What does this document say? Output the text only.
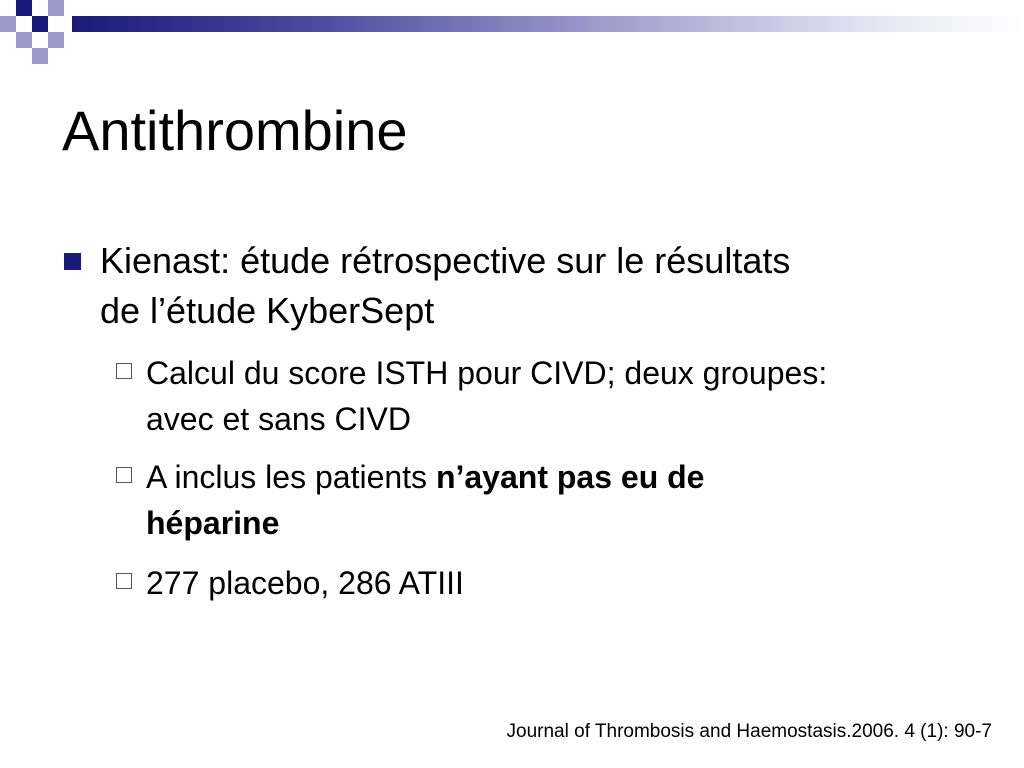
Antithrombine
Kienast: étude rétrospective sur le résultats de l’étude KyberSept
Calcul du score ISTH pour CIVD; deux groupes: avec et sans CIVD
A inclus les patients n’ayant pas eu de héparine
277 placebo, 286 ATIII
Journal of Thrombosis and Haemostasis.2006. 4 (1): 90-7
